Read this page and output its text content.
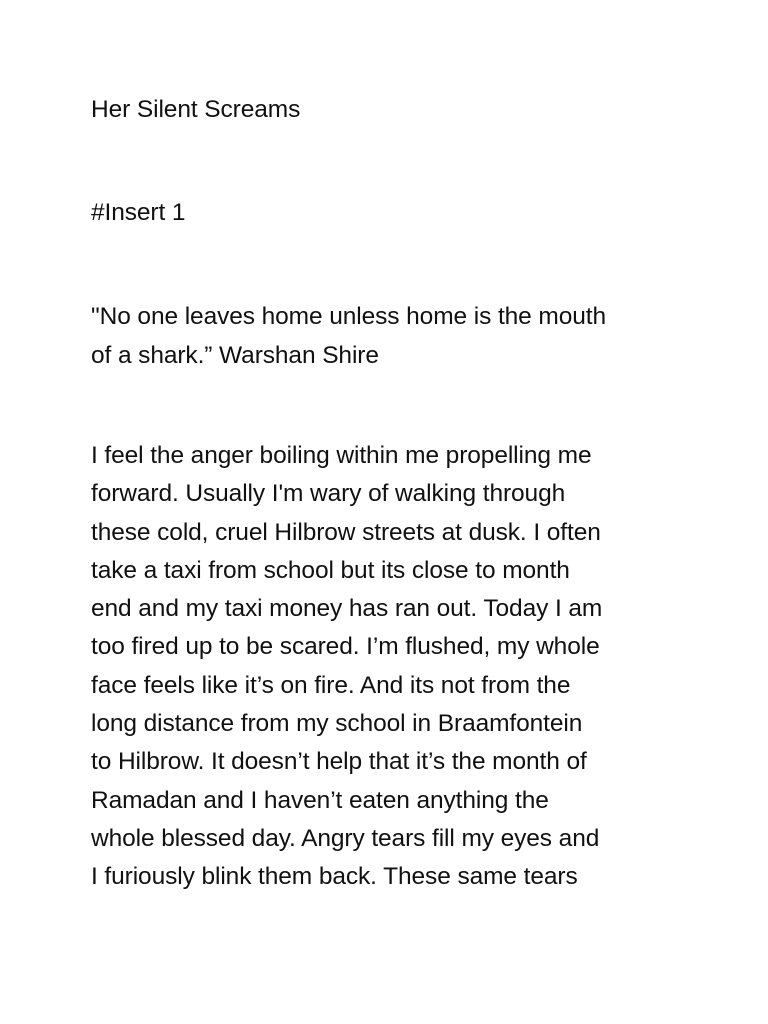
Her Silent Screams
#Insert 1
"No one leaves home unless home is the mouth
of a shark.” Warshan Shire
I feel the anger boiling within me propelling me
forward. Usually I'm wary of walking through
these cold, cruel Hilbrow streets at dusk. I often
take a taxi from school but its close to month
end and my taxi money has ran out. Today I am
too fired up to be scared. I’m flushed, my whole
face feels like it’s on fire. And its not from the
long distance from my school in Braamfontein
to Hilbrow. It doesn’t help that it’s the month of
Ramadan and I haven’t eaten anything the
whole blessed day. Angry tears fill my eyes and
I furiously blink them back. These same tears
